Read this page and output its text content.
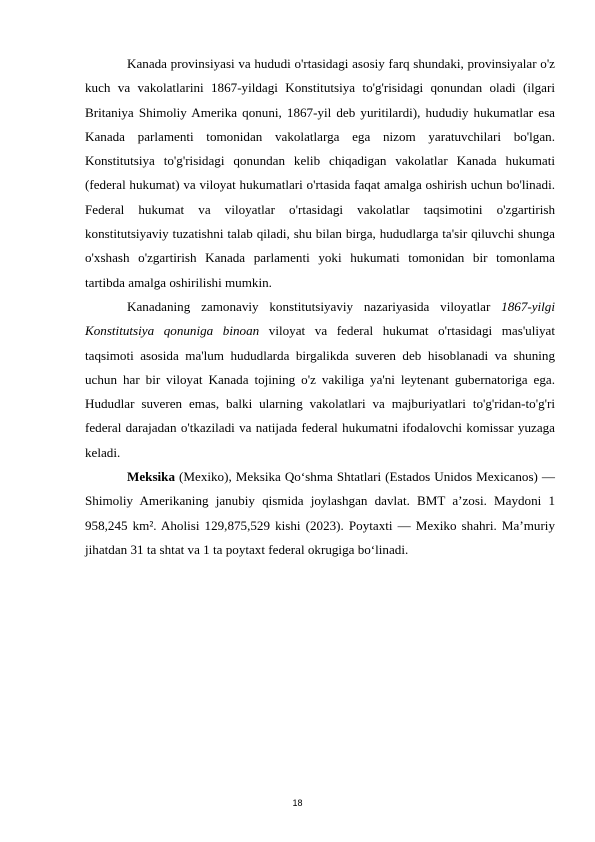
Kanada provinsiyasi va hududi o'rtasidagi asosiy farq shundaki, provinsiyalar o'z kuch va vakolatlarini 1867-yildagi Konstitutsiya to'g'risidagi qonundan oladi (ilgari Britaniya Shimoliy Amerika qonuni, 1867-yil deb yuritilardi), hududiy hukumatlar esa Kanada parlamenti tomonidan vakolatlarga ega nizom yaratuvchilari bo'lgan. Konstitutsiya to'g'risidagi qonundan kelib chiqadigan vakolatlar Kanada hukumati (federal hukumat) va viloyat hukumatlari o'rtasida faqat amalga oshirish uchun bo'linadi. Federal hukumat va viloyatlar o'rtasidagi vakolatlar taqsimotini o'zgartirish konstitutsiyaviy tuzatishni talab qiladi, shu bilan birga, hududlarga ta'sir qiluvchi shunga o'xshash o'zgartirish Kanada parlamenti yoki hukumati tomonidan bir tomonlama tartibda amalga oshirilishi mumkin.

Kanadaning zamonaviy konstitutsiyaviy nazariyasida viloyatlar 1867-yilgi Konstitutsiya qonuniga binoan viloyat va federal hukumat o'rtasidagi mas'uliyat taqsimoti asosida ma'lum hududlarda birgalikda suveren deb hisoblanadi va shuning uchun har bir viloyat Kanada tojining o'z vakiliga ya'ni leytenant gubernatoriga ega. Hududlar suveren emas, balki ularning vakolatlari va majburiyatlari to'g'ridan-to'g'ri federal darajadan o'tkaziladi va natijada federal hukumatni ifodalovchi komissar yuzaga keladi.

Meksika (Mexiko), Meksika Qoʻshma Shtatlari (Estados Unidos Mexicanos) — Shimoliy Amerikaning janubiy qismida joylashgan davlat. BMT aʼzosi. Maydoni 1 958,245 km². Aholisi 129,875,529 kishi (2023). Poytaxti — Mexiko shahri. Maʼmuriy jihatdan 31 ta shtat va 1 ta poytaxt federal okrugiga boʻlinadi.

18
